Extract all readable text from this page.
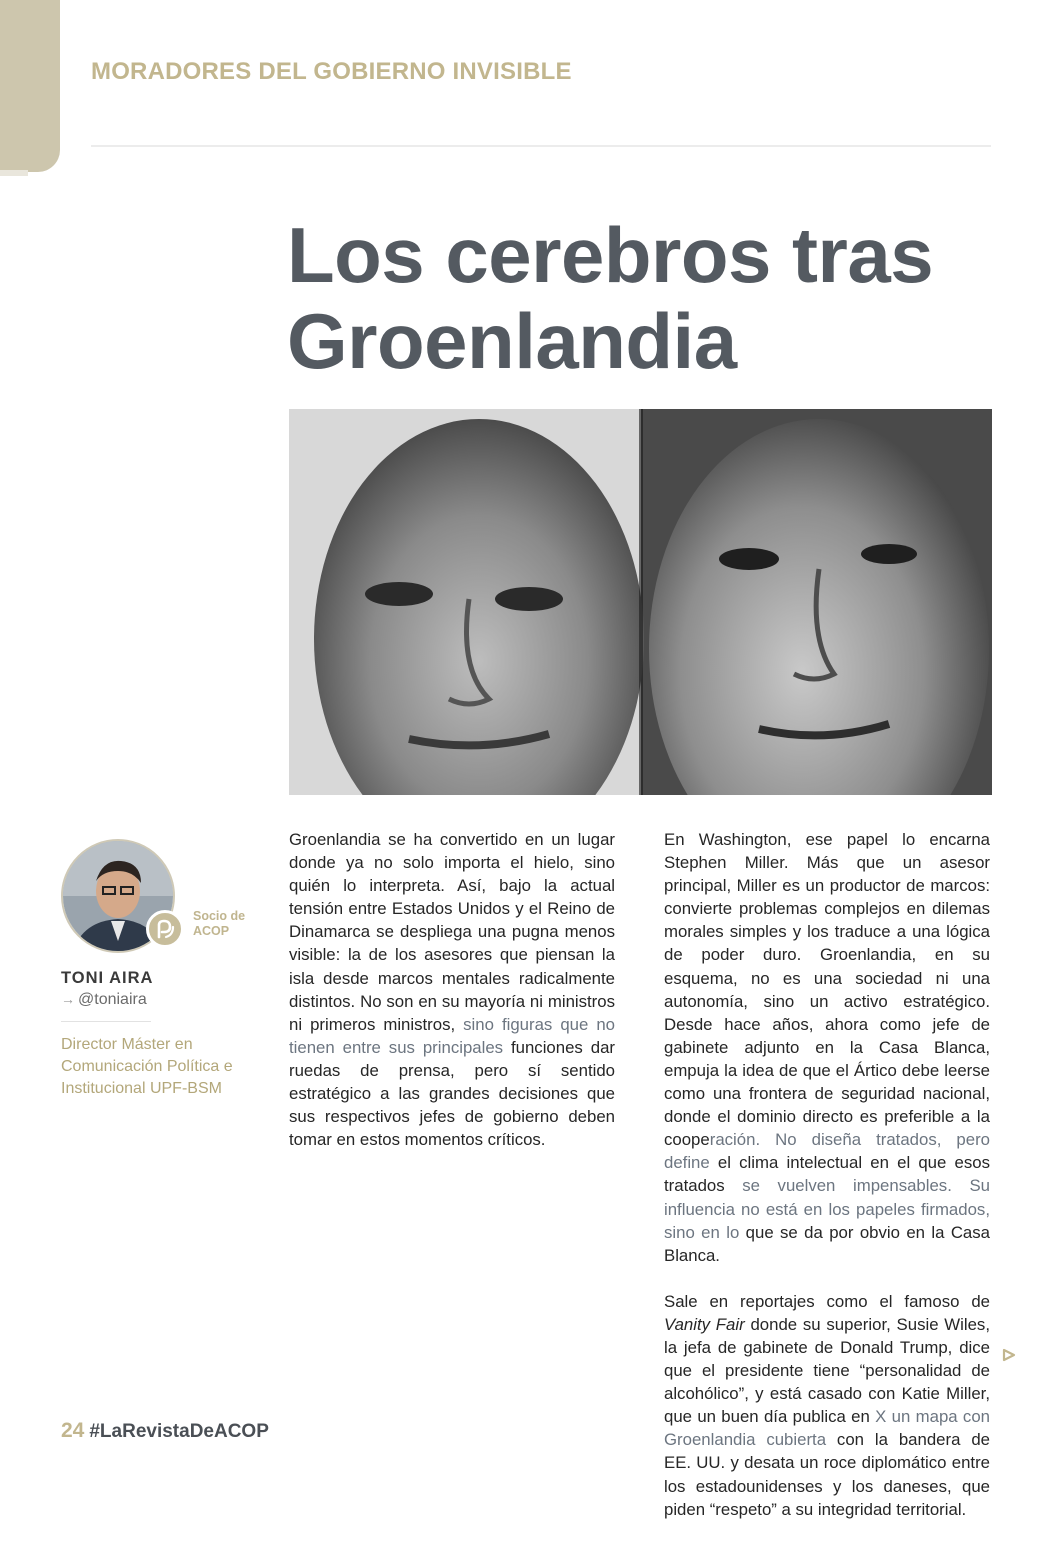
MORADORES DEL GOBIERNO INVISIBLE
Los cerebros tras
Groenlandia
Socio de
ACOP
TONI AIRA
→ @toniaira
Director Máster en Comunicación Política e Institucional UPF-BSM

Groenlandia se ha convertido en un lugar donde ya no solo importa el hielo, sino quién lo interpreta. Así, bajo la actual tensión entre Estados Unidos y el Reino de Dinamarca se despliega una pugna menos visible: la de los asesores que piensan la isla desde marcos mentales radicalmente distintos. No son en su mayoría ni ministros ni primeros ministros, sino figuras que no tienen entre sus principales funciones dar ruedas de prensa, pero sí sentido estratégico a las grandes decisiones que sus respectivos jefes de gobierno deben tomar en estos momentos críticos.

24 #LaRevistaDeACOP

En Washington, ese papel lo encarna Stephen Miller. Más que un asesor principal, Miller es un productor de marcos: convierte problemas complejos en dilemas morales simples y los traduce a una lógica de poder duro. Groenlandia, en su esquema, no es una sociedad ni una autonomía, sino un activo estratégico. Desde hace años, ahora como jefe de gabinete adjunto en la Casa Blanca, empuja la idea de que el Ártico debe leerse como una frontera de seguridad nacional, donde el dominio directo es preferible a la cooperación. No diseña tratados, pero define el clima intelectual en el que esos tratados se vuelven impensables. Su influencia no está en los papeles firmados, sino en lo que se da por obvio en la Casa Blanca.

Sale en reportajes como el famoso de Vanity Fair donde su superior, Susie Wiles, la jefa de gabinete de Donald Trump, dice que el presidente tiene “personalidad de alcohólico”, y está casado con Katie Miller, que un buen día publica en X un mapa con Groenlandia cubierta con la bandera de EE. UU. y desata un roce diplomático entre los estadounidenses y los daneses, que piden “respeto” a su integridad territorial.
